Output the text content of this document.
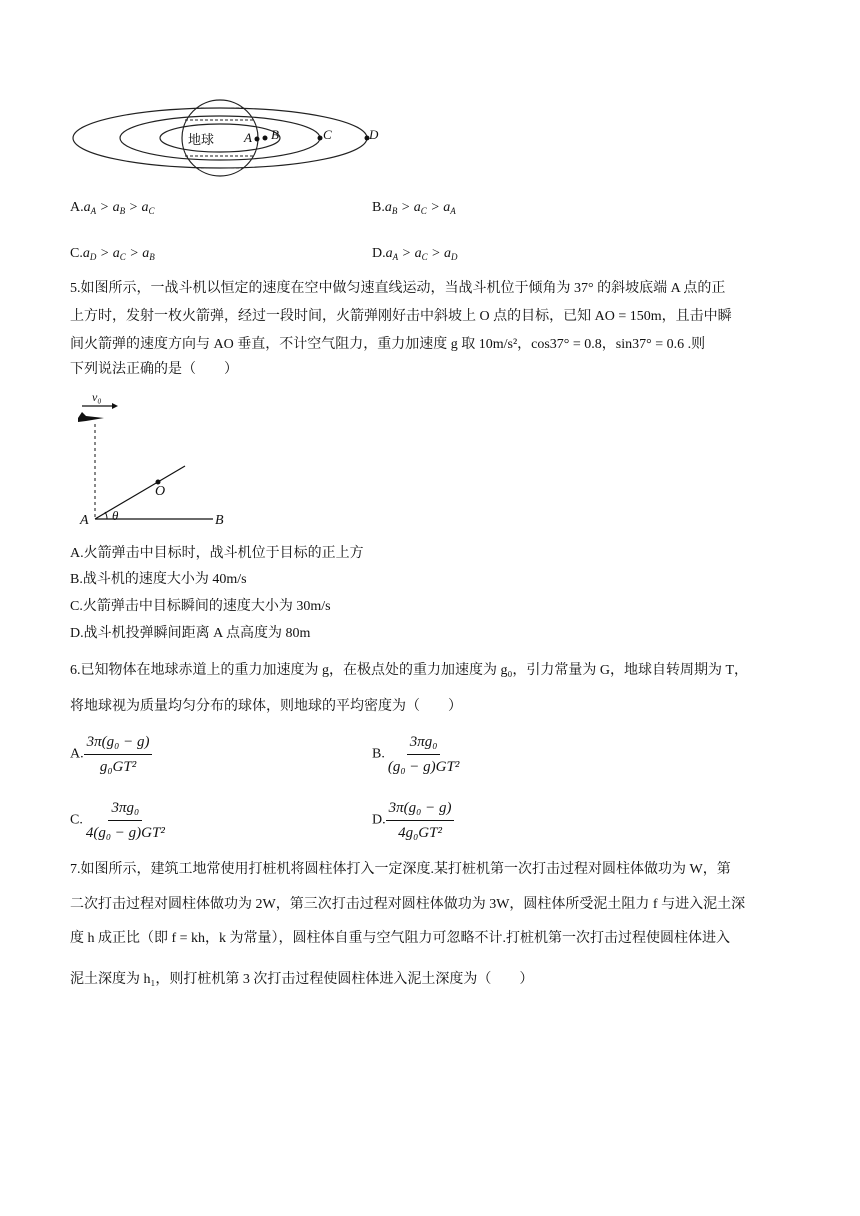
地球 A B	C	D
$A.a_A > a_B > a_C$	$B.a_B > a_C > a_A$
$C.a_D > a_C > a_B$	$D.a_A > a_C > a_D$
5.如图所示，一战斗机以恒定的速度在空中做匀速直线运动，当战斗机位于倾角为 37° 的斜坡底端 A 点的正
上方时，发射一枚火箭弹，经过一段时间，火箭弹刚好击中斜坡上 O 点的目标，已知 AO = 150m，且击中瞬
间火箭弹的速度方向与 AO 垂直，不计空气阻力，重力加速度 g 取 10m/s²，cos37° = 0.8，sin37° = 0.6 .则
下列说法正确的是（　　）
v₀
O
A θ	B
A.火箭弹击中目标时，战斗机位于目标的正上方
B.战斗机的速度大小为 40m/s
C.火箭弹击中目标瞬间的速度大小为 30m/s
D.战斗机投弹瞬间距离 A 点高度为 80m
6.已知物体在地球赤道上的重力加速度为 g，在极点处的重力加速度为 g₀，引力常量为 G，地球自转周期为 T，
将地球视为质量均匀分布的球体，则地球的平均密度为（　　）
A. $\frac{\text{3π(g₀ − g)}}{\text{g₀GT²}}$	B. $\frac{\text{3πg₀}}{\text{(g₀ − g)GT²}}$
C. $\frac{\text{3πg₀}}{\text{4(g₀ − g)GT²}}$	D. $\frac{\text{3π(g₀ − g)}}{\text{4g₀GT²}}$
7.如图所示，建筑工地常使用打桩机将圆柱体打入一定深度.某打桩机第一次打击过程对圆柱体做功为 W，第
二次打击过程对圆柱体做功为 2W，第三次打击过程对圆柱体做功为 3W，圆柱体所受泥土阻力 f 与进入泥土深
度 h 成正比（即 f = kh，k 为常量），圆柱体自重与空气阻力可忽略不计.打桩机第一次打击过程使圆柱体进入
泥土深度为 h₁，则打桩机第 3 次打击过程使圆柱体进入泥土深度为（　　）
